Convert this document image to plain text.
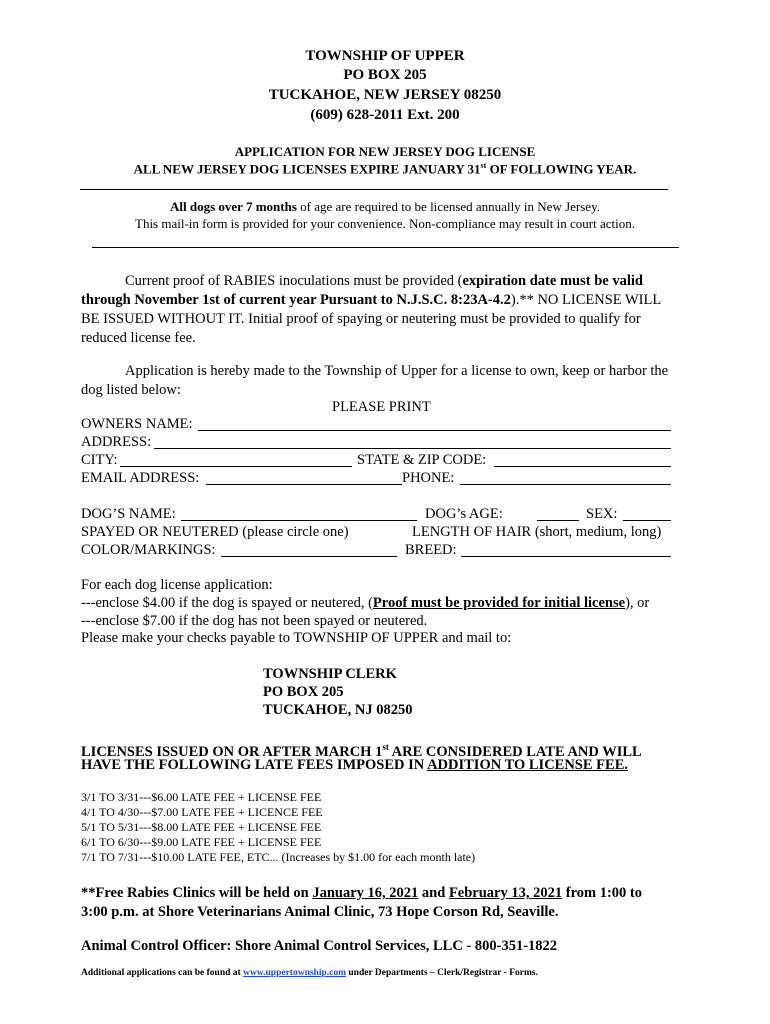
TOWNSHIP OF UPPER
PO BOX 205
TUCKAHOE, NEW JERSEY 08250
(609) 628-2011 Ext. 200
APPLICATION FOR NEW JERSEY DOG LICENSE
ALL NEW JERSEY DOG LICENSES EXPIRE JANUARY 31st OF FOLLOWING YEAR.
All dogs over 7 months of age are required to be licensed annually in New Jersey.
This mail-in form is provided for your convenience. Non-compliance may result in court action.
Current proof of RABIES inoculations must be provided (expiration date must be valid through November 1st of current year Pursuant to N.J.S.C. 8:23A-4.2).** NO LICENSE WILL BE ISSUED WITHOUT IT. Initial proof of spaying or neutering must be provided to qualify for reduced license fee.
Application is hereby made to the Township of Upper for a license to own, keep or harbor the dog listed below:
PLEASE PRINT
OWNERS NAME:
ADDRESS:
CITY:	STATE & ZIP CODE:
EMAIL ADDRESS:	PHONE:
DOG’S NAME:	DOG’s AGE:	SEX:
SPAYED OR NEUTERED (please circle one)	LENGTH OF HAIR (short, medium, long)
COLOR/MARKINGS:	BREED:
For each dog license application:
---enclose $4.00 if the dog is spayed or neutered, (Proof must be provided for initial license), or
---enclose $7.00 if the dog has not been spayed or neutered.
Please make your checks payable to TOWNSHIP OF UPPER and mail to:
TOWNSHIP CLERK
PO BOX 205
TUCKAHOE, NJ 08250
LICENSES ISSUED ON OR AFTER MARCH 1st ARE CONSIDERED LATE AND WILL
HAVE THE FOLLOWING LATE FEES IMPOSED IN ADDITION TO LICENSE FEE.
3/1 TO 3/31---$6.00 LATE FEE + LICENSE FEE
4/1 TO 4/30---$7.00 LATE FEE + LICENCE FEE
5/1 TO 5/31---$8.00 LATE FEE + LICENSE FEE
6/1 TO 6/30---$9.00 LATE FEE + LICENSE FEE
7/1 TO 7/31---$10.00 LATE FEE, ETC... (Increases by $1.00 for each month late)
**Free Rabies Clinics will be held on January 16, 2021 and February 13, 2021 from 1:00 to
3:00 p.m. at Shore Veterinarians Animal Clinic, 73 Hope Corson Rd, Seaville.
Animal Control Officer: Shore Animal Control Services, LLC - 800-351-1822
Additional applications can be found at www.uppertownship.com under Departments – Clerk/Registrar - Forms.
